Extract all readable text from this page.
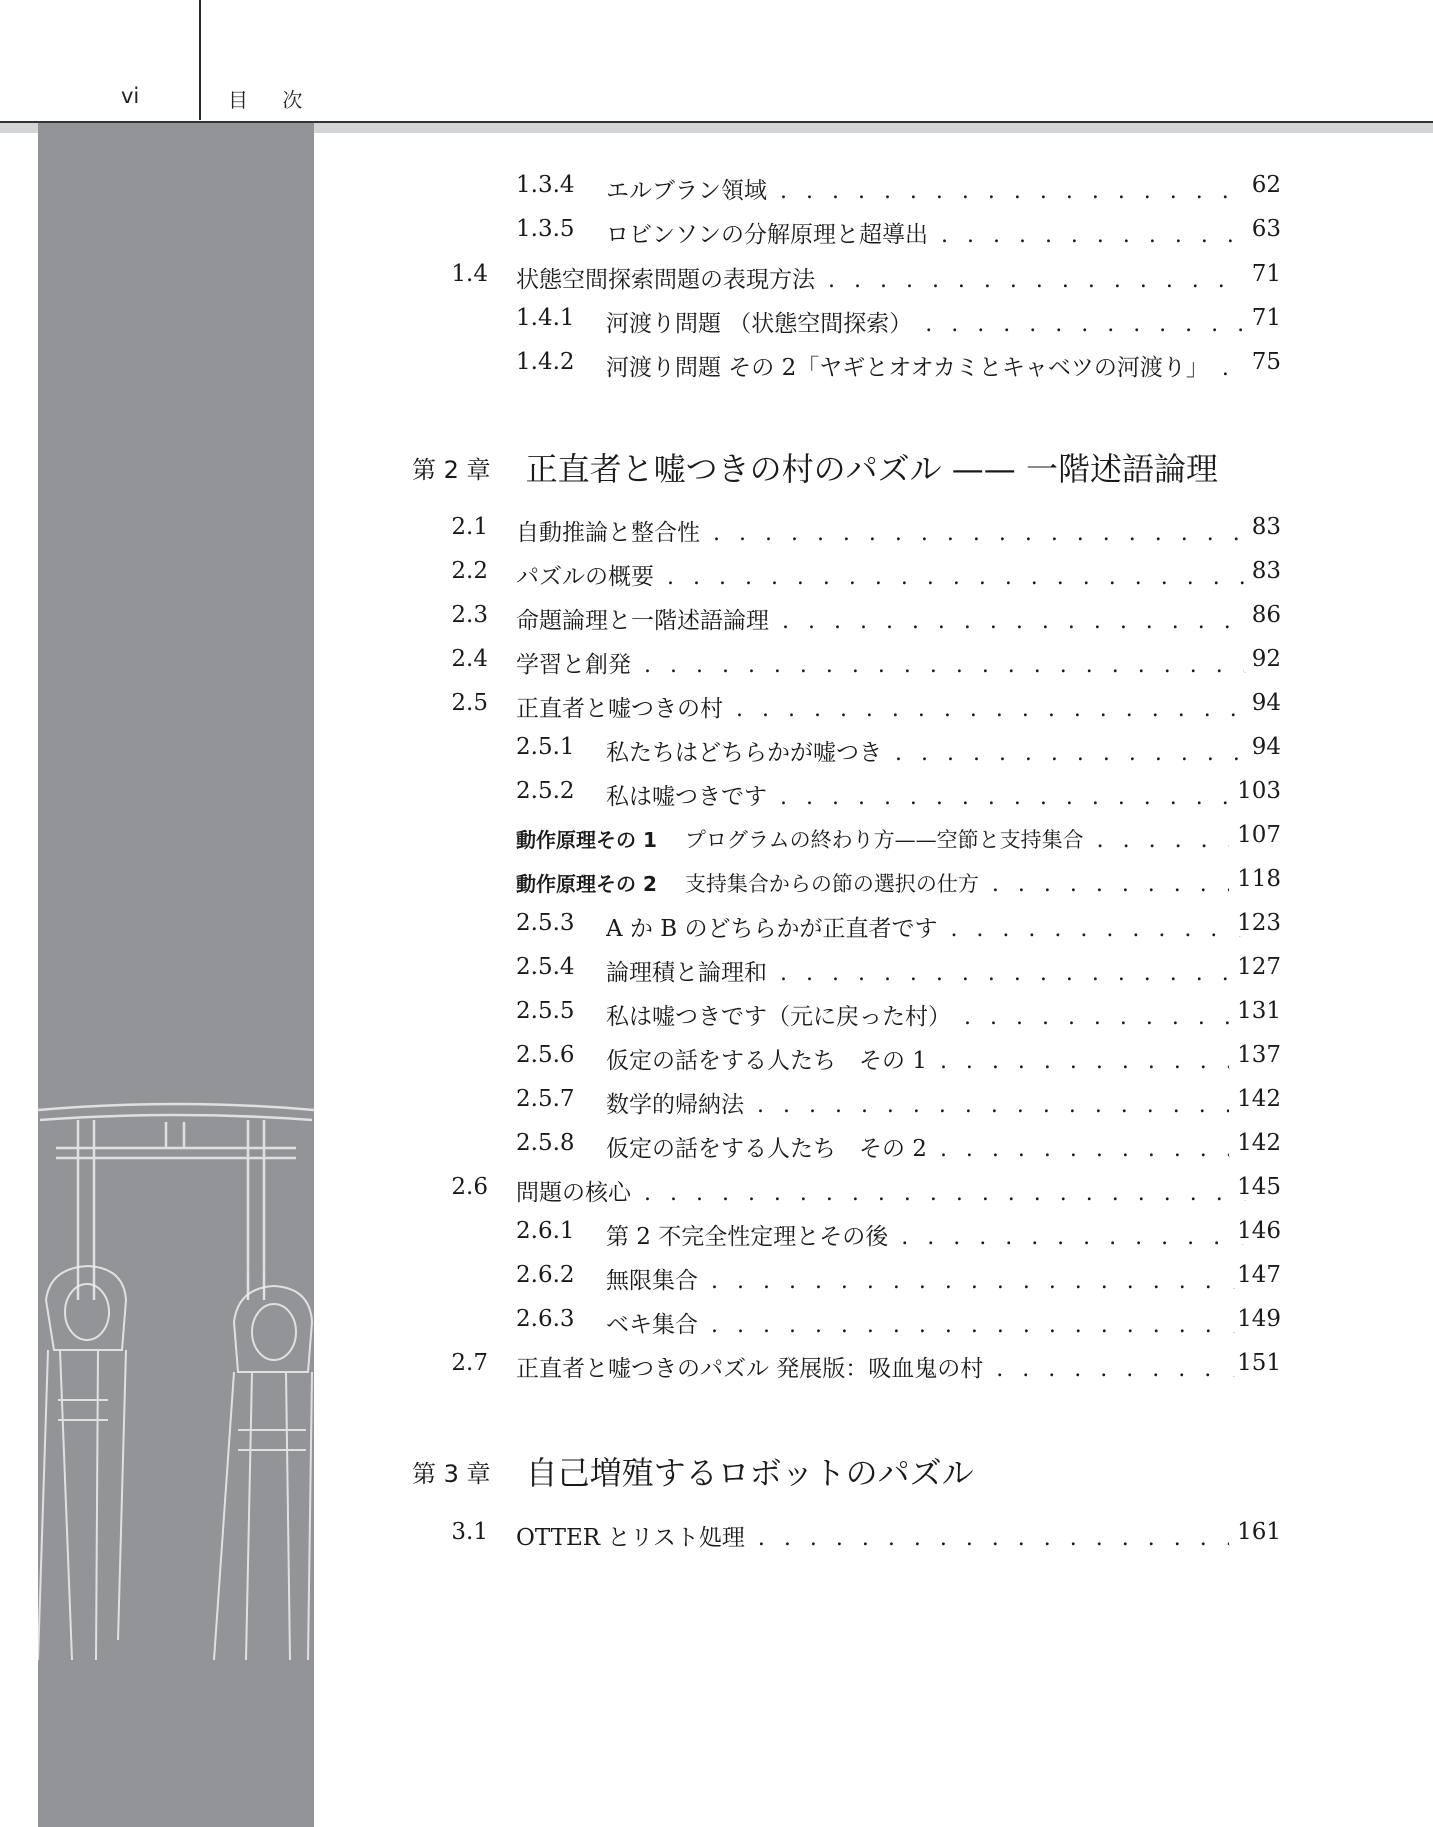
vi	目 次
1.3.4 エルブラン領域 . . .	62
1.3.5 ロビンソンの分解原理と超導出 . . .	63
1.4 状態空間探索問題の表現方法 . . .	71
1.4.1 河渡り問題 （状態空間探索） . . .	71
1.4.2 河渡り問題 その 2「ヤギとオオカミとキャベツの河渡り」 . . .	75
第 2 章 正直者と嘘つきの村のパズル —— 一階述語論理
2.1 自動推論と整合性 . . .	83
2.2 パズルの概要 . . .	83
2.3 命題論理と一階述語論理 . . .	86
2.4 学習と創発 . . .	92
2.5 正直者と嘘つきの村 . . .	94
2.5.1 私たちはどちらかが嘘つき . . .	94
2.5.2 私は嘘つきです . . .	103
動作原理その 1 プログラムの終わり方——空節と支持集合 . . .	107
動作原理その 2 支持集合からの節の選択の仕方 . . .	118
2.5.3 A か B のどちらかが正直者です . . .	123
2.5.4 論理積と論理和 . . .	127
2.5.5 私は嘘つきです（元に戻った村） . . .	131
2.5.6 仮定の話をする人たち　その 1 . . .	137
2.5.7 数学的帰納法 . . .	142
2.5.8 仮定の話をする人たち　その 2 . . .	142
2.6 問題の核心 . . .	145
2.6.1 第 2 不完全性定理とその後 . . .	146
2.6.2 無限集合 . . .	147
2.6.3 ベキ集合 . . .	149
2.7 正直者と嘘つきのパズル 発展版：吸血鬼の村 . . .	151
第 3 章 自己増殖するロボットのパズル
3.1 OTTER とリスト処理 . . .	161
